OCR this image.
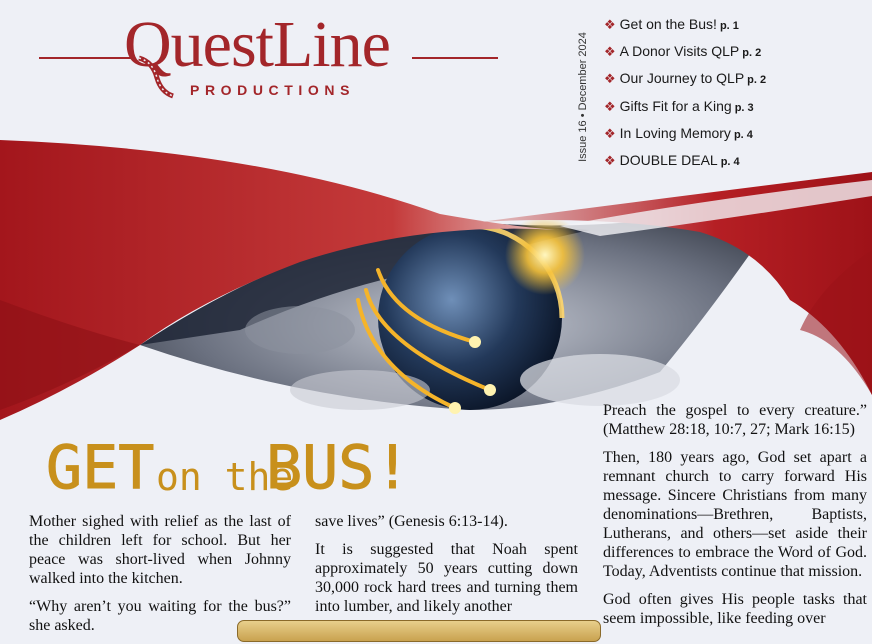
QuestLine
PRODUCTIONS	Issue 16 • December 2024
❖ Get on the Bus! p. 1
❖ A Donor Visits QLP p. 2
❖ Our Journey to QLP p. 2
❖ Gifts Fit for a King p. 3
❖ In Loving Memory p. 4
❖ DOUBLE DEAL p. 4
GET on the
BUS!

Mother sighed with relief as the last of the children left for school. But her peace was short-lived when Johnny walked into the kitchen.

“Why aren’t you waiting for the bus?” she asked.

save lives” (Genesis 6:13-14).

It is suggested that Noah spent approximately 50 years cutting down 30,000 rock hard trees and turning them into lumber, and likely another

Preach the gospel to every creature.” (Matthew 28:18, 10:7, 27; Mark 16:15)

Then, 180 years ago, God set apart a remnant church to carry forward His message. Sincere Christians from many denominations—Brethren, Baptists, Lutherans, and others—set aside their differences to embrace the Word of God. Today, Adventists continue that mission.

God often gives His people tasks that seem impossible, like feeding over
